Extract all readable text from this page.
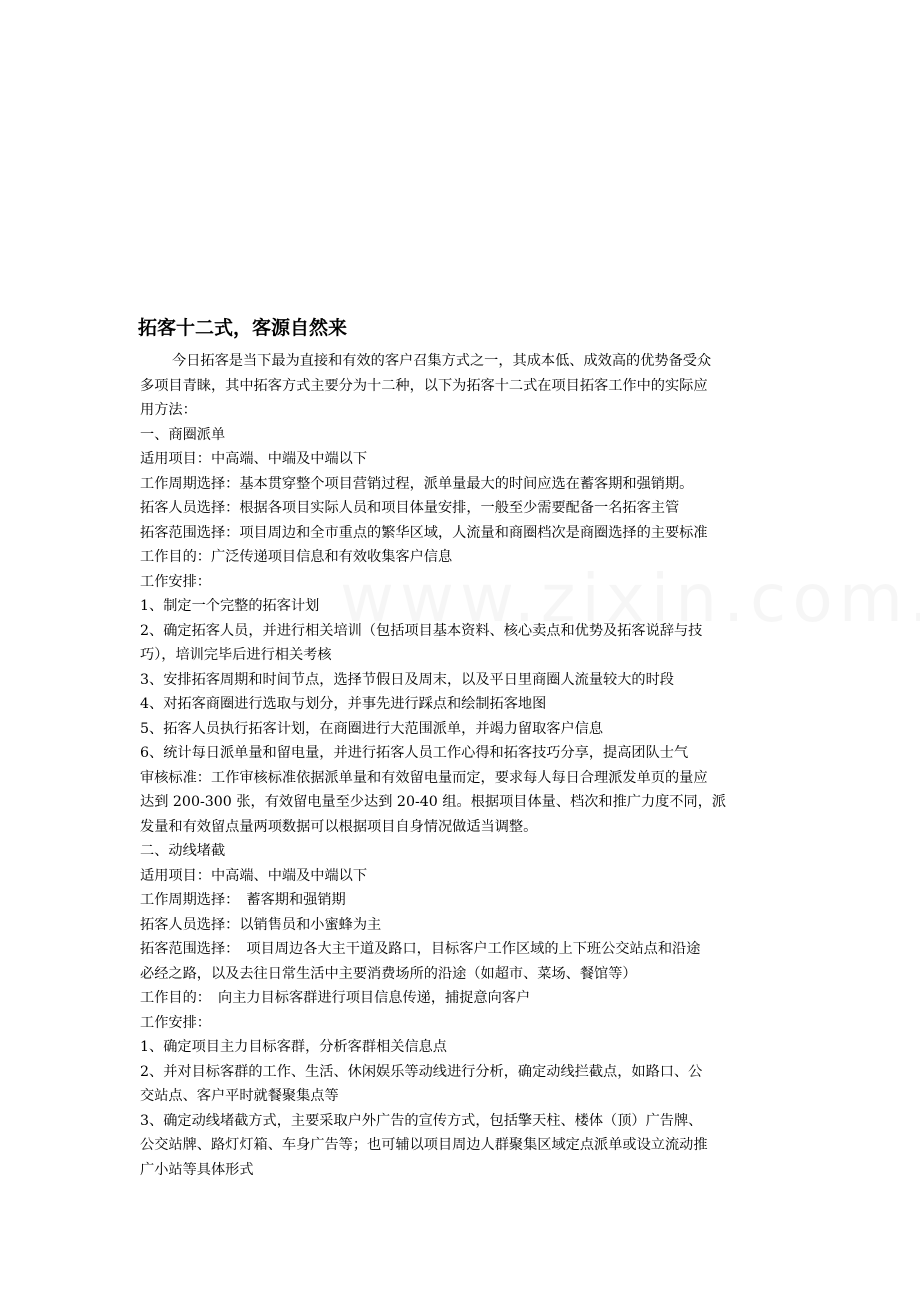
拓客十二式，客源自然来

今日拓客是当下最为直接和有效的客户召集方式之一，其成本低、成效高的优势备受众

多项目青睐，其中拓客方式主要分为十二种，以下为拓客十二式在项目拓客工作中的实际应

用方法：

一、商圈派单

适用项目：中高端、中端及中端以下

工作周期选择：基本贯穿整个项目营销过程，派单量最大的时间应选在蓄客期和强销期。

拓客人员选择：根据各项目实际人员和项目体量安排，一般至少需要配备一名拓客主管

拓客范围选择：项目周边和全市重点的繁华区域，人流量和商圈档次是商圈选择的主要标准

工作目的：广泛传递项目信息和有效收集客户信息

工作安排：

1、制定一个完整的拓客计划

2、确定拓客人员，并进行相关培训（包括项目基本资料、核心卖点和优势及拓客说辞与技

巧），培训完毕后进行相关考核

3、安排拓客周期和时间节点，选择节假日及周末，以及平日里商圈人流量较大的时段

4、对拓客商圈进行选取与划分，并事先进行踩点和绘制拓客地图

5、拓客人员执行拓客计划，在商圈进行大范围派单，并竭力留取客户信息

6、统计每日派单量和留电量，并进行拓客人员工作心得和拓客技巧分享，提高团队士气

审核标准：工作审核标准依据派单量和有效留电量而定，要求每人每日合理派发单页的量应

达到 200-300 张，有效留电量至少达到 20-40 组。根据项目体量、档次和推广力度不同，派

发量和有效留点量两项数据可以根据项目自身情况做适当调整。

二、动线堵截

适用项目：中高端、中端及中端以下

工作周期选择：　蓄客期和强销期

拓客人员选择：以销售员和小蜜蜂为主

拓客范围选择：　项目周边各大主干道及路口，目标客户工作区域的上下班公交站点和沿途

必经之路，以及去往日常生活中主要消费场所的沿途（如超市、菜场、餐馆等）

工作目的：　向主力目标客群进行项目信息传递，捕捉意向客户

工作安排：

1、确定项目主力目标客群，分析客群相关信息点

2、并对目标客群的工作、生活、休闲娱乐等动线进行分析，确定动线拦截点，如路口、公

交站点、客户平时就餐聚集点等

3、确定动线堵截方式，主要采取户外广告的宣传方式，包括擎天柱、楼体（顶）广告牌、

公交站牌、路灯灯箱、车身广告等；也可辅以项目周边人群聚集区域定点派单或设立流动推

广小站等具体形式
